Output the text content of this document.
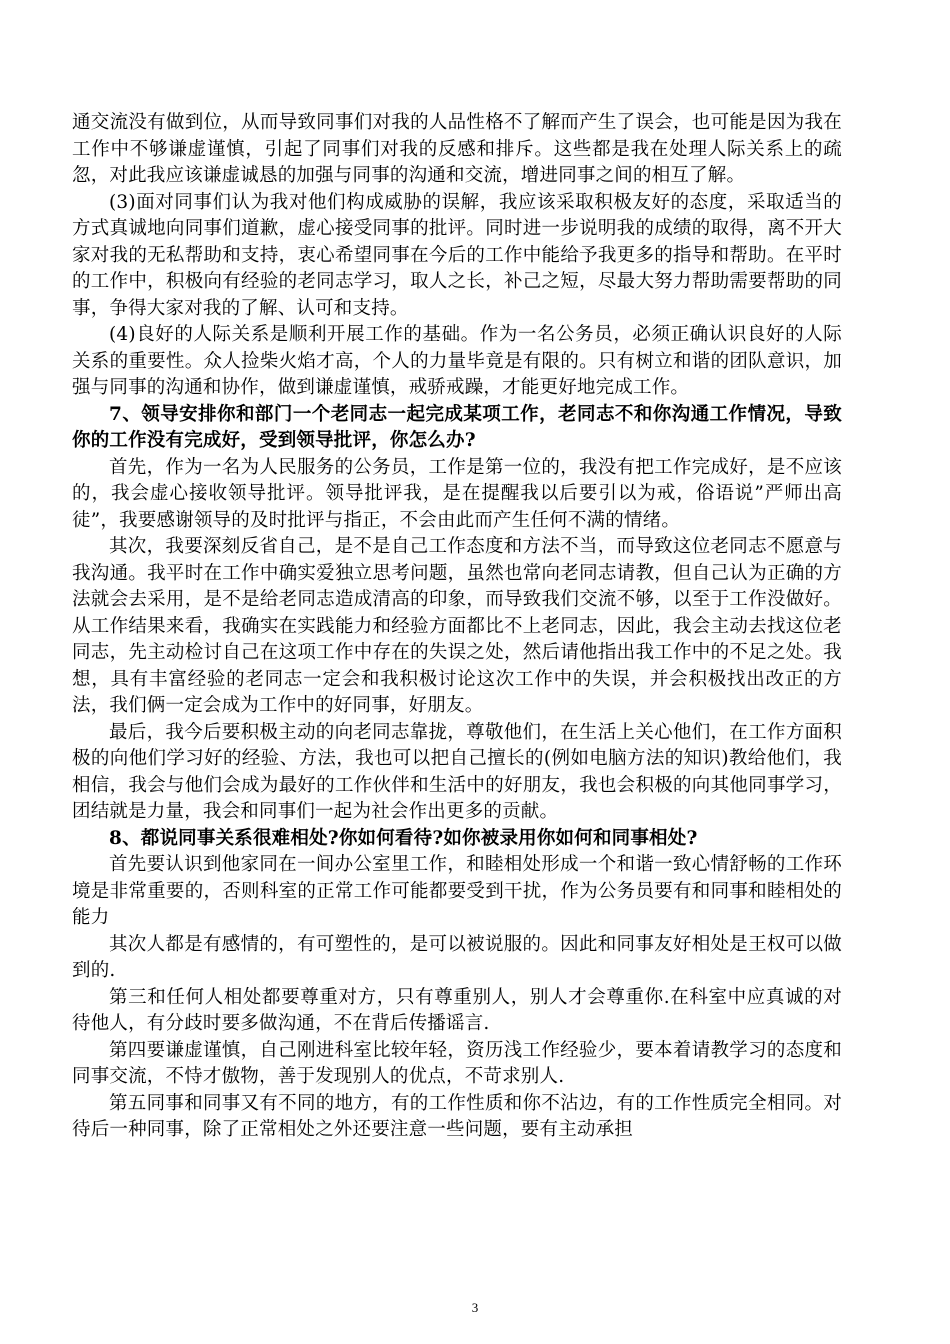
通交流没有做到位，从而导致同事们对我的人品性格不了解而产生了误会，也可能是因为我在工作中不够谦虚谨慎，引起了同事们对我的反感和排斥。这些都是我在处理人际关系上的疏忽，对此我应该谦虚诚恳的加强与同事的沟通和交流，增进同事之间的相互了解。

(3)面对同事们认为我对他们构成威胁的误解，我应该采取积极友好的态度，采取适当的方式真诚地向同事们道歉，虚心接受同事的批评。同时进一步说明我的成绩的取得，离不开大家对我的无私帮助和支持，衷心希望同事在今后的工作中能给予我更多的指导和帮助。在平时的工作中，积极向有经验的老同志学习，取人之长，补己之短，尽最大努力帮助需要帮助的同事，争得大家对我的了解、认可和支持。

(4)良好的人际关系是顺利开展工作的基础。作为一名公务员，必须正确认识良好的人际关系的重要性。众人捡柴火焰才高，个人的力量毕竟是有限的。只有树立和谐的团队意识，加强与同事的沟通和协作，做到谦虚谨慎，戒骄戒躁，才能更好地完成工作。

7、领导安排你和部门一个老同志一起完成某项工作，老同志不和你沟通工作情况，导致你的工作没有完成好，受到领导批评，你怎么办?

首先，作为一名为人民服务的公务员，工作是第一位的，我没有把工作完成好，是不应该的，我会虚心接收领导批评。领导批评我，是在提醒我以后要引以为戒，俗语说”严师出高徒”，我要感谢领导的及时批评与指正，不会由此而产生任何不满的情绪。

其次，我要深刻反省自己，是不是自己工作态度和方法不当，而导致这位老同志不愿意与我沟通。我平时在工作中确实爱独立思考问题，虽然也常向老同志请教，但自己认为正确的方法就会去采用，是不是给老同志造成清高的印象，而导致我们交流不够，以至于工作没做好。从工作结果来看，我确实在实践能力和经验方面都比不上老同志，因此，我会主动去找这位老同志，先主动检讨自己在这项工作中存在的失误之处，然后请他指出我工作中的不足之处。我想，具有丰富经验的老同志一定会和我积极讨论这次工作中的失误，并会积极找出改正的方法，我们俩一定会成为工作中的好同事，好朋友。

最后，我今后要积极主动的向老同志靠拢，尊敬他们，在生活上关心他们，在工作方面积极的向他们学习好的经验、方法，我也可以把自己擅长的(例如电脑方法的知识)教给他们，我相信，我会与他们会成为最好的工作伙伴和生活中的好朋友，我也会积极的向其他同事学习，团结就是力量，我会和同事们一起为社会作出更多的贡献。

8、都说同事关系很难相处?你如何看待?如你被录用你如何和同事相处?

首先要认识到他家同在一间办公室里工作，和睦相处形成一个和谐一致心情舒畅的工作环境是非常重要的，否则科室的正常工作可能都要受到干扰，作为公务员要有和同事和睦相处的能力

其次人都是有感情的，有可塑性的，是可以被说服的。因此和同事友好相处是王权可以做到的.

第三和任何人相处都要尊重对方，只有尊重别人，别人才会尊重你.在科室中应真诚的对待他人，有分歧时要多做沟通，不在背后传播谣言.

第四要谦虚谨慎，自己刚进科室比较年轻，资历浅工作经验少，要本着请教学习的态度和同事交流，不恃才傲物，善于发现别人的优点，不苛求别人.

第五同事和同事又有不同的地方，有的工作性质和你不沾边，有的工作性质完全相同。对待后一种同事，除了正常相处之外还要注意一些问题，要有主动承担

3
